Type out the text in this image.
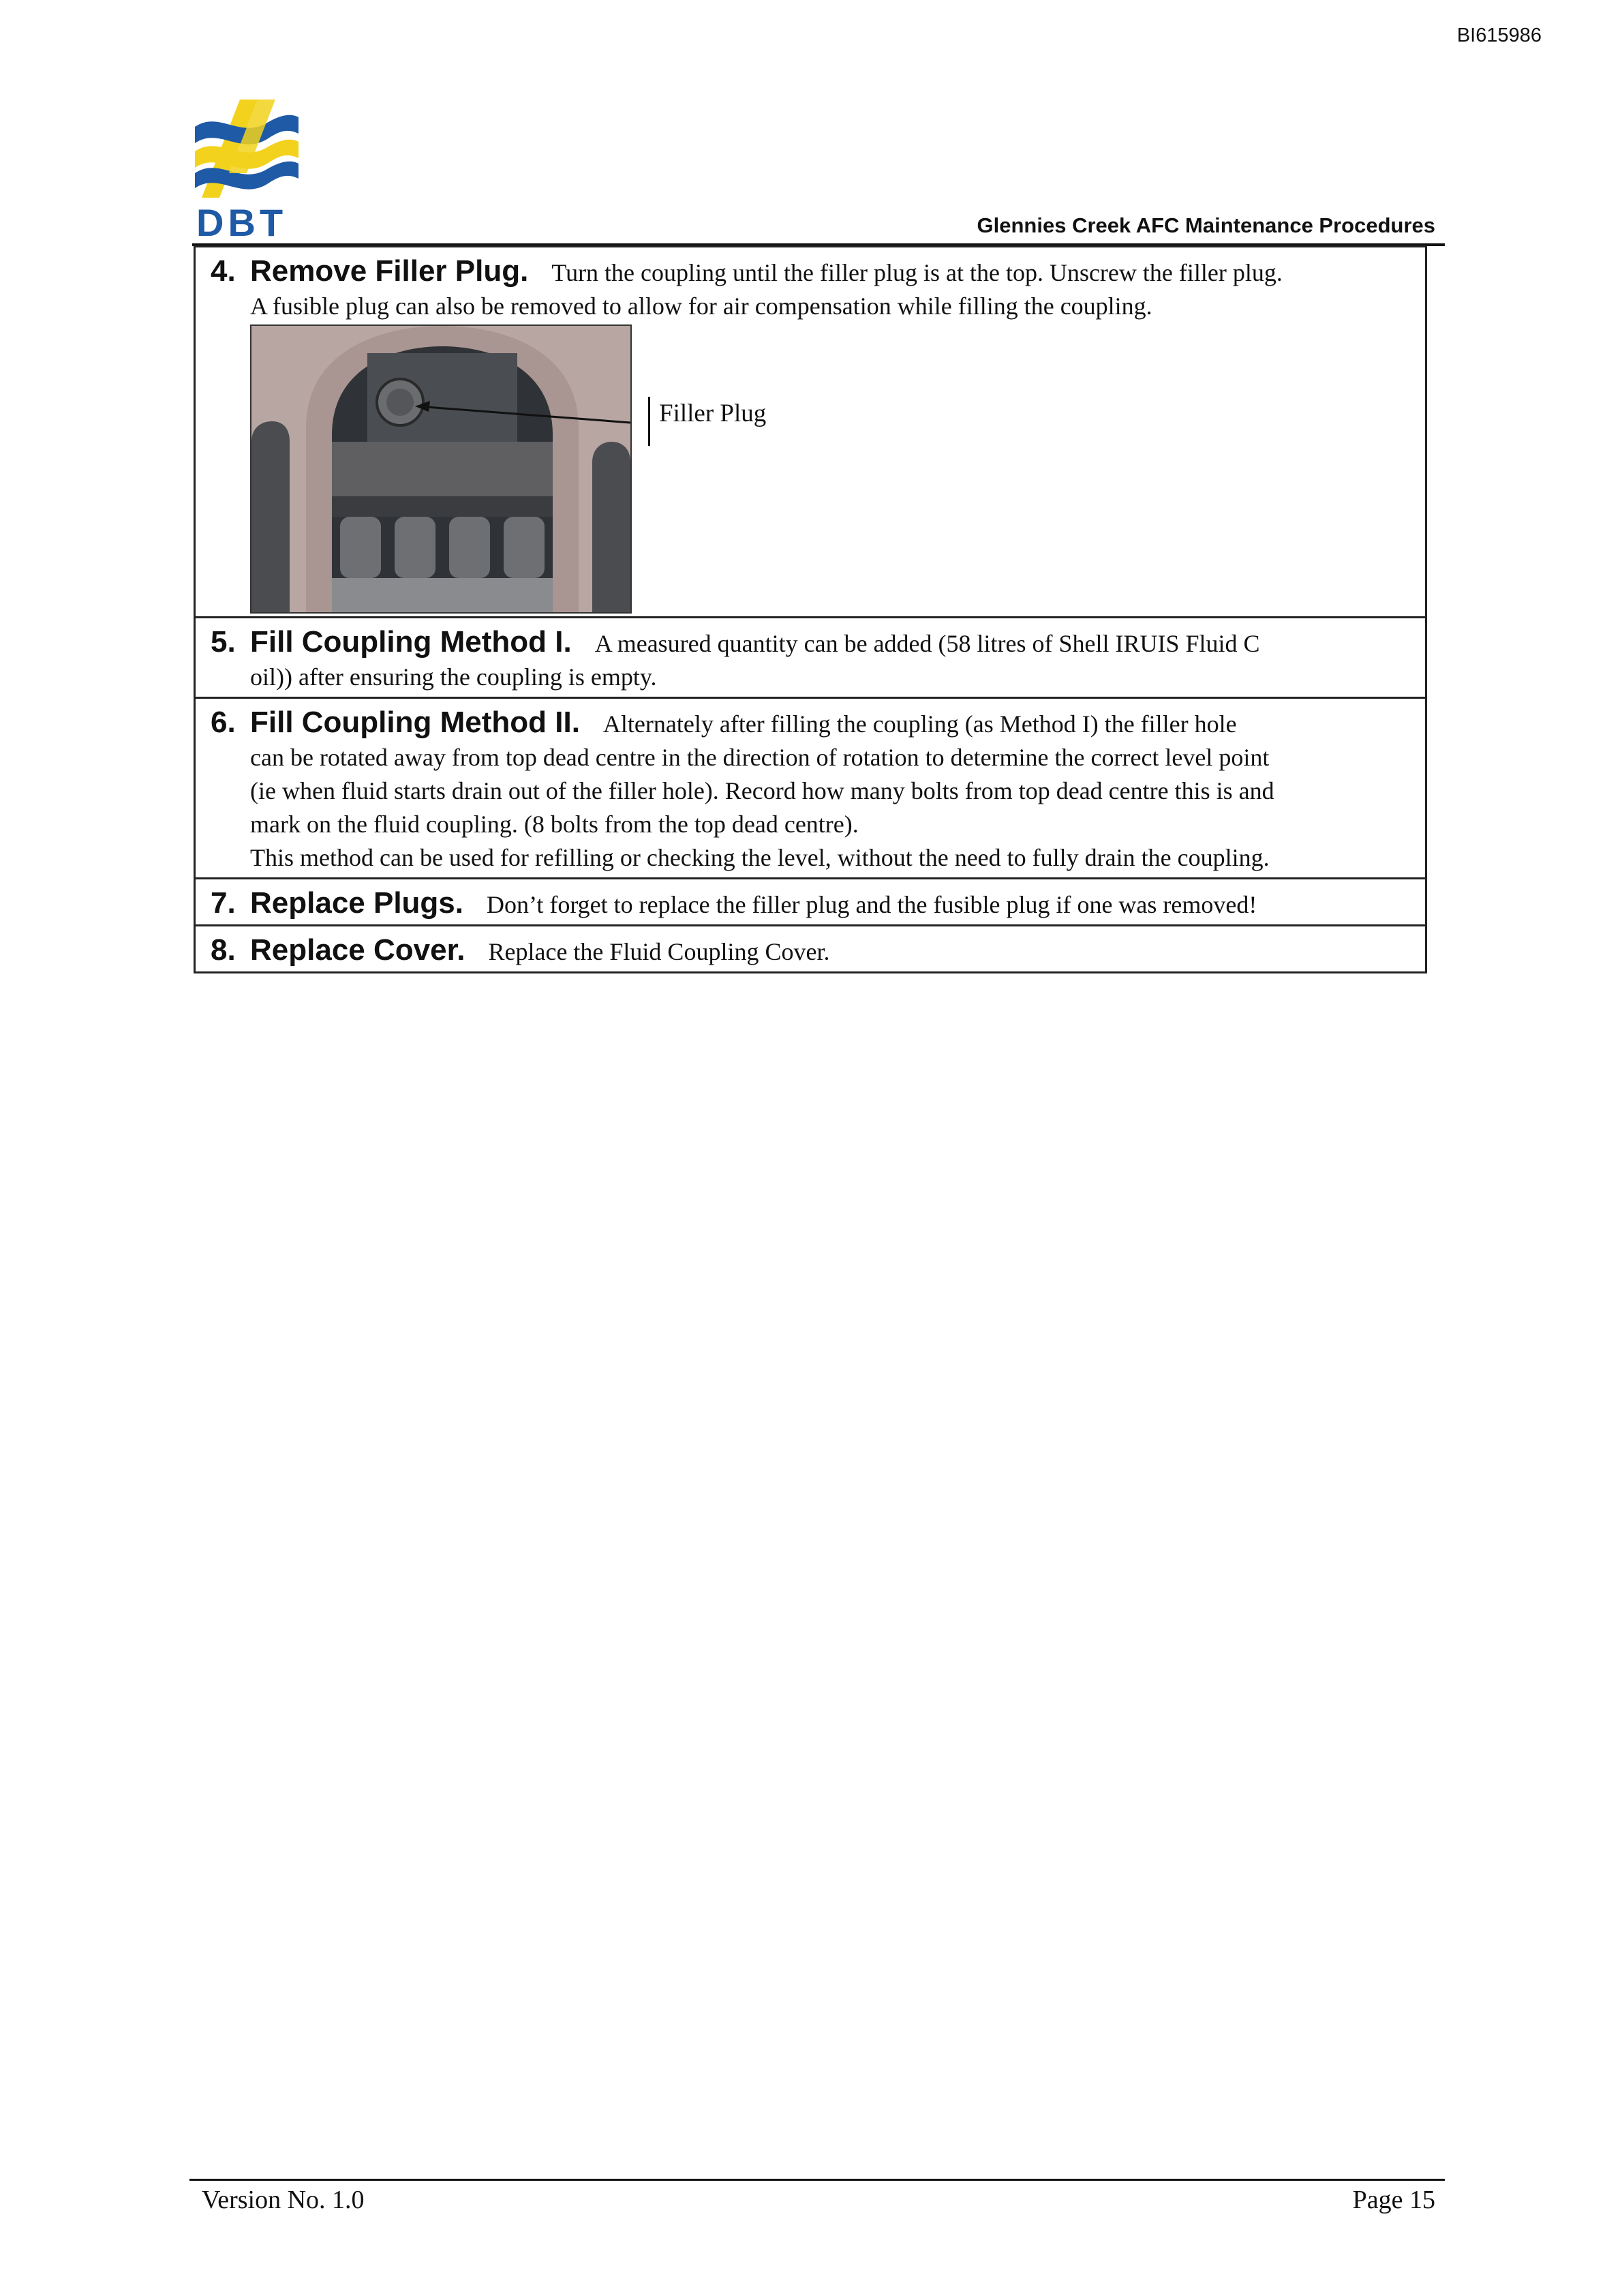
BI615986
DBT	Glennies Creek AFC Maintenance Procedures
4. Remove Filler Plug. Turn the coupling until the filler plug is at the top. Unscrew the filler plug.
A fusible plug can also be removed to allow for air compensation while filling the coupling.
Filler Plug
5. Fill Coupling Method I. A measured quantity can be added (58 litres of Shell IRUIS Fluid C
oil)) after ensuring the coupling is empty.
6. Fill Coupling Method II. Alternately after filling the coupling (as Method I) the filler hole
can be rotated away from top dead centre in the direction of rotation to determine the correct level point
(ie when fluid starts drain out of the filler hole). Record how many bolts from top dead centre this is and
mark on the fluid coupling. (8 bolts from the top dead centre).
This method can be used for refilling or checking the level, without the need to fully drain the coupling.
7. Replace Plugs. Don’t forget to replace the filler plug and the fusible plug if one was removed!
8. Replace Cover. Replace the Fluid Coupling Cover.
Version No. 1.0	Page 15
